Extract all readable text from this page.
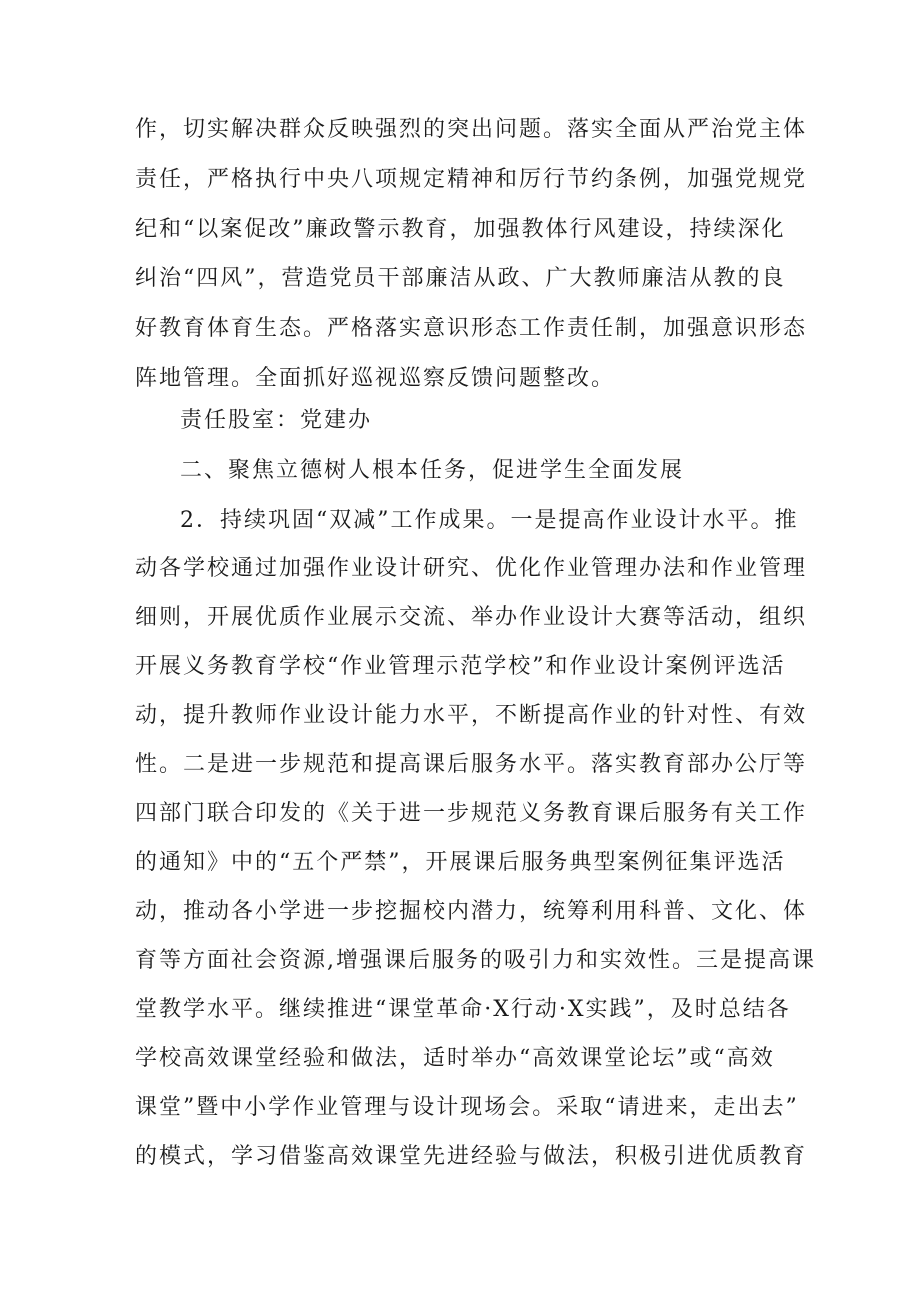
作，切实解决群众反映强烈的突出问题。落实全面从严治党主体
责任，严格执行中央八项规定精神和厉行节约条例，加强党规党
纪和“以案促改”廉政警示教育，加强教体行风建设，持续深化
纠治“四风”，营造党员干部廉洁从政、广大教师廉洁从教的良
好教育体育生态。严格落实意识形态工作责任制，加强意识形态
阵地管理。全面抓好巡视巡察反馈问题整改。
责任股室：党建办
二、聚焦立德树人根本任务，促进学生全面发展
2．持续巩固“双减”工作成果。一是提高作业设计水平。推
动各学校通过加强作业设计研究、优化作业管理办法和作业管理
细则，开展优质作业展示交流、举办作业设计大赛等活动，组织
开展义务教育学校“作业管理示范学校”和作业设计案例评选活
动，提升教师作业设计能力水平，不断提高作业的针对性、有效
性。二是进一步规范和提高课后服务水平。落实教育部办公厅等
四部门联合印发的《关于进一步规范义务教育课后服务有关工作
的通知》中的“五个严禁”，开展课后服务典型案例征集评选活
动，推动各小学进一步挖掘校内潜力，统筹利用科普、文化、体
育等方面社会资源,增强课后服务的吸引力和实效性。三是提高课
堂教学水平。继续推进“课堂革命·X行动·X实践”，及时总结各
学校高效课堂经验和做法，适时举办“高效课堂论坛”或“高效
课堂”暨中小学作业管理与设计现场会。采取“请进来，走出去”
的模式，学习借鉴高效课堂先进经验与做法，积极引进优质教育
